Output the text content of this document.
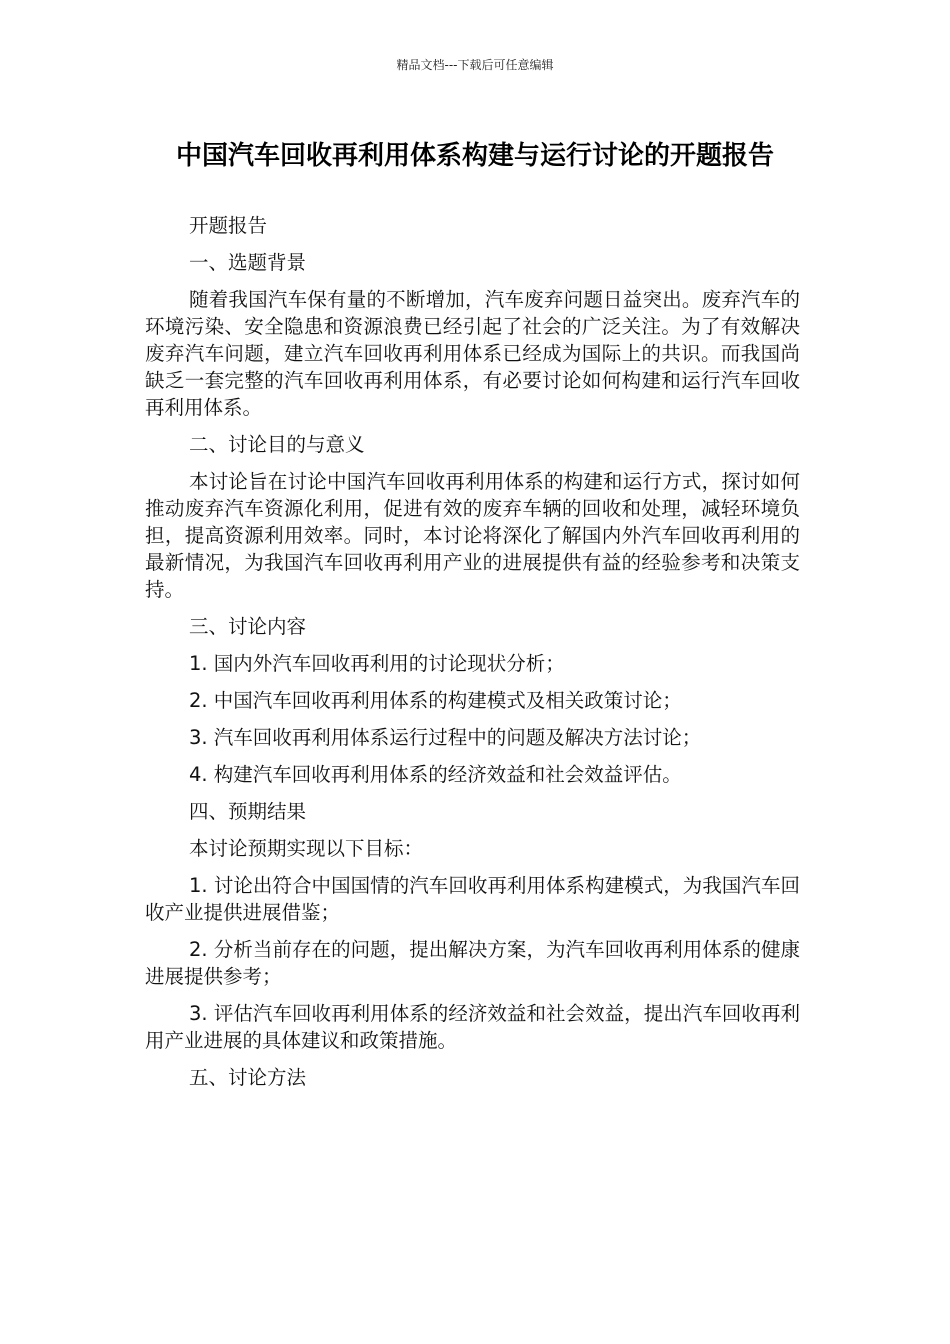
精品文档---下载后可任意编辑
中国汽车回收再利用体系构建与运行讨论的开题报告

开题报告

一、选题背景

随着我国汽车保有量的不断增加，汽车废弃问题日益突出。废弃汽车的环境污染、安全隐患和资源浪费已经引起了社会的广泛关注。为了有效解决废弃汽车问题，建立汽车回收再利用体系已经成为国际上的共识。而我国尚缺乏一套完整的汽车回收再利用体系，有必要讨论如何构建和运行汽车回收再利用体系。

二、讨论目的与意义

本讨论旨在讨论中国汽车回收再利用体系的构建和运行方式，探讨如何推动废弃汽车资源化利用，促进有效的废弃车辆的回收和处理，减轻环境负担，提高资源利用效率。同时，本讨论将深化了解国内外汽车回收再利用的最新情况，为我国汽车回收再利用产业的进展提供有益的经验参考和决策支持。

三、讨论内容

1. 国内外汽车回收再利用的讨论现状分析；

2. 中国汽车回收再利用体系的构建模式及相关政策讨论；

3. 汽车回收再利用体系运行过程中的问题及解决方法讨论；

4. 构建汽车回收再利用体系的经济效益和社会效益评估。

四、预期结果

本讨论预期实现以下目标：

1. 讨论出符合中国国情的汽车回收再利用体系构建模式，为我国汽车回收产业提供进展借鉴；

2. 分析当前存在的问题，提出解决方案，为汽车回收再利用体系的健康进展提供参考；

3. 评估汽车回收再利用体系的经济效益和社会效益，提出汽车回收再利用产业进展的具体建议和政策措施。

五、讨论方法
